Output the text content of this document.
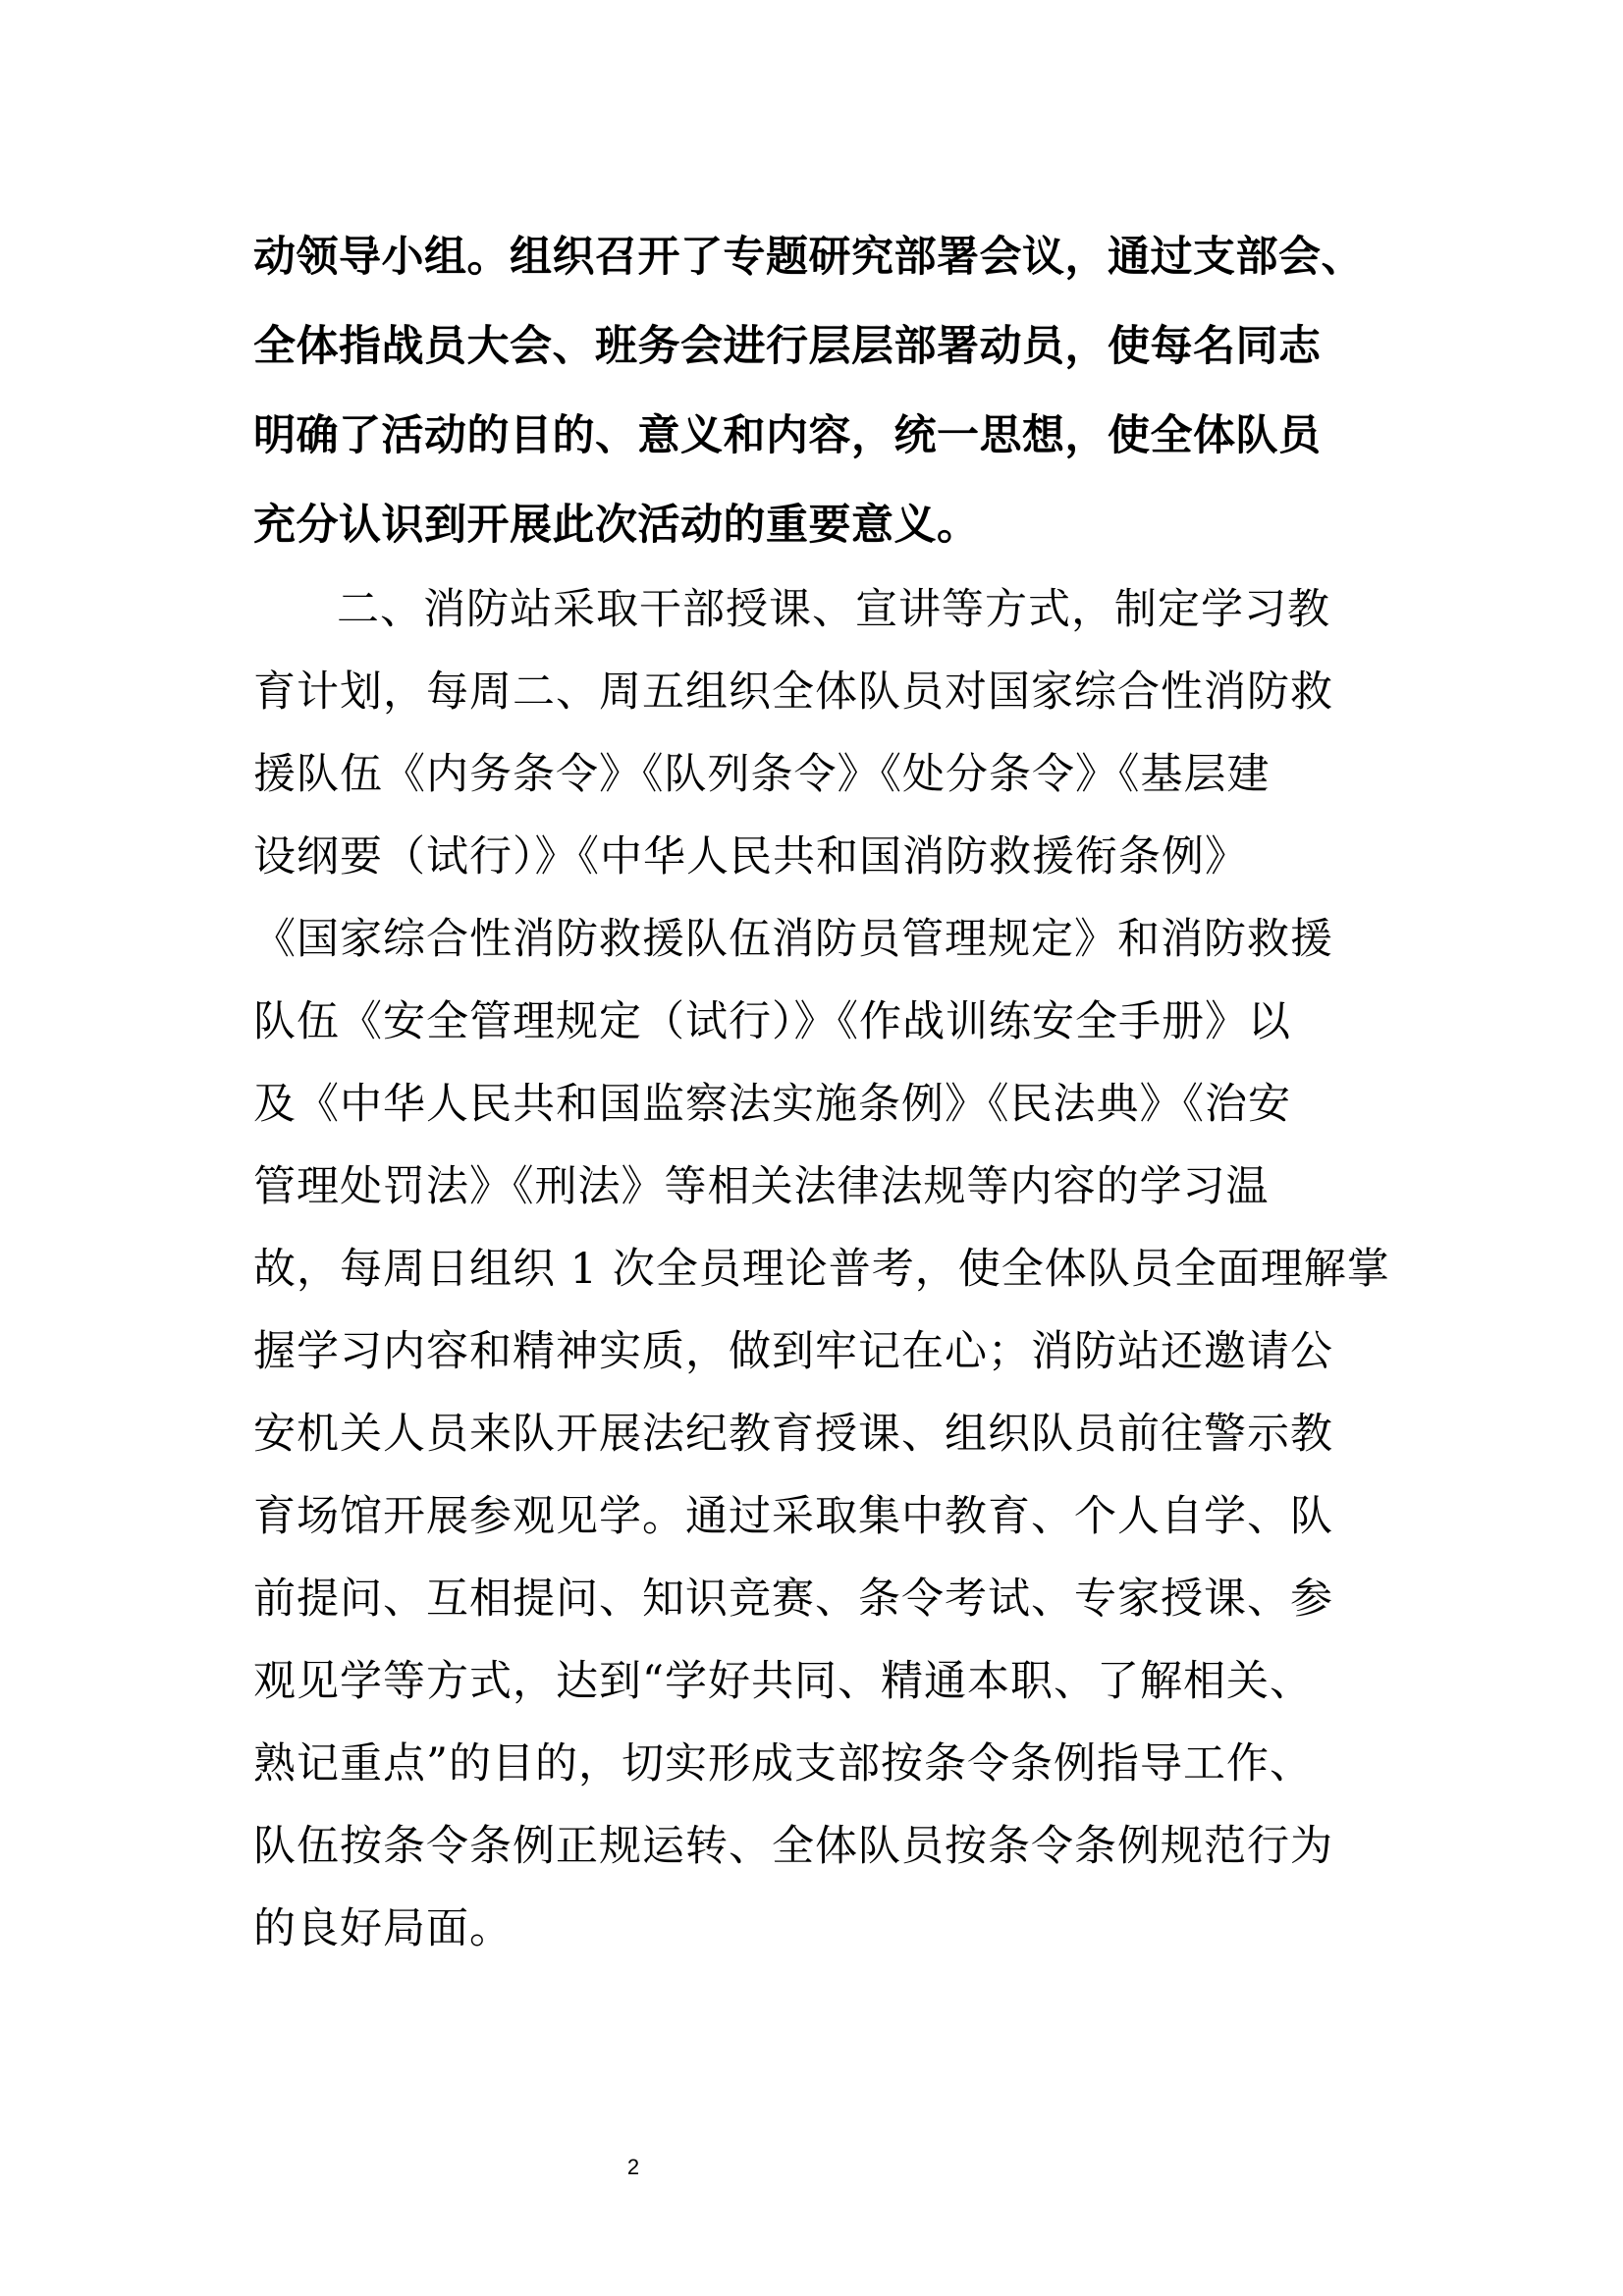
动领导小组。组织召开了专题研究部署会议，通过支部会、
全体指战员大会、班务会进行层层部署动员，使每名同志
明确了活动的目的、意义和内容，统一思想，使全体队员
充分认识到开展此次活动的重要意义。
二、消防站采取干部授课、宣讲等方式，制定学习教
育计划，每周二、周五组织全体队员对国家综合性消防救
援队伍《内务条令》《队列条令》《处分条令》《基层建
设纲要（试行）》《中华人民共和国消防救援衔条例》
《国家综合性消防救援队伍消防员管理规定》和消防救援
队伍《安全管理规定（试行）》《作战训练安全手册》以
及《中华人民共和国监察法实施条例》《民法典》《治安
管理处罚法》《刑法》等相关法律法规等内容的学习温
故，每周日组织 1 次全员理论普考，使全体队员全面理解掌
握学习内容和精神实质，做到牢记在心；消防站还邀请公
安机关人员来队开展法纪教育授课、组织队员前往警示教
育场馆开展参观见学。通过采取集中教育、个人自学、队
前提问、互相提问、知识竞赛、条令考试、专家授课、参
观见学等方式，达到“学好共同、精通本职、了解相关、
熟记重点”的目的，切实形成支部按条令条例指导工作、
队伍按条令条例正规运转、全体队员按条令条例规范行为
的良好局面。
2
